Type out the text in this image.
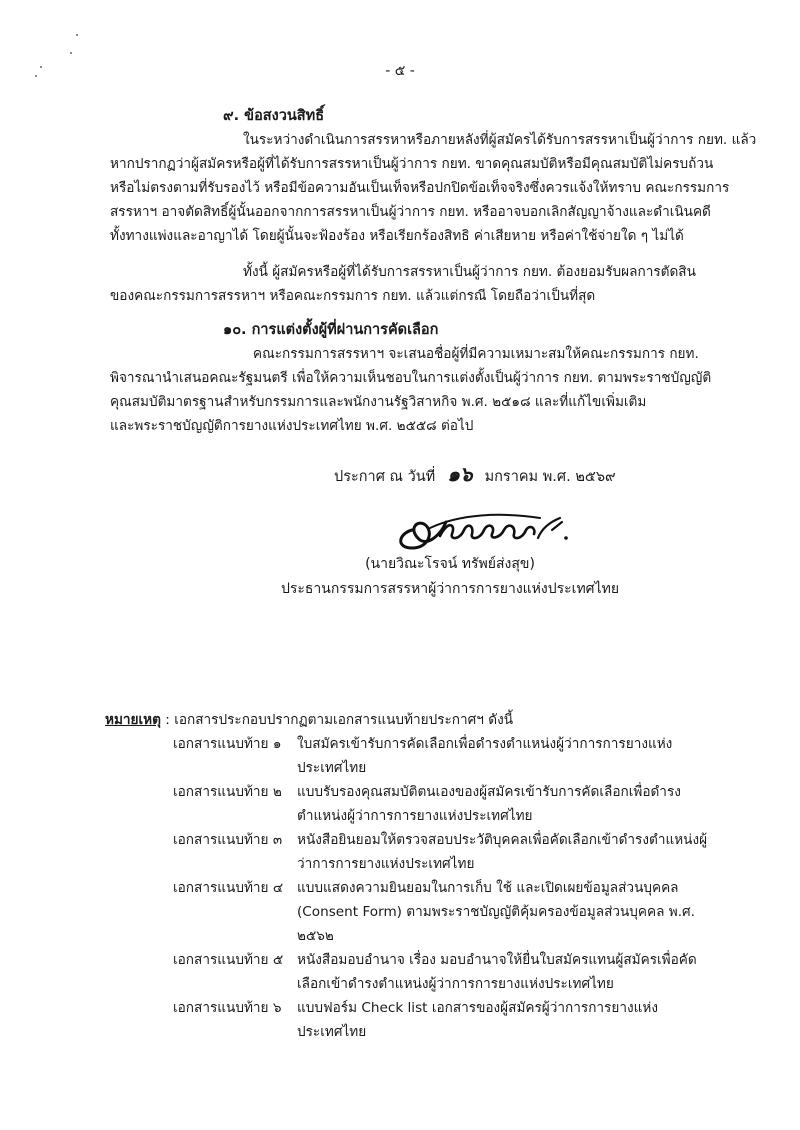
- ๕ -
๙. ข้อสงวนสิทธิ์
ในระหว่างดำเนินการสรรหาหรือภายหลังที่ผู้สมัครได้รับการสรรหาเป็นผู้ว่าการ กยท. แล้ว
หากปรากฏว่าผู้สมัครหรือผู้ที่ได้รับการสรรหาเป็นผู้ว่าการ กยท. ขาดคุณสมบัติหรือมีคุณสมบัติไม่ครบถ้วน
หรือไม่ตรงตามที่รับรองไว้ หรือมีข้อความอันเป็นเท็จหรือปกปิดข้อเท็จจริงซึ่งควรแจ้งให้ทราบ คณะกรรมการ
สรรหาฯ อาจตัดสิทธิ์ผู้นั้นออกจากการสรรหาเป็นผู้ว่าการ กยท. หรืออาจบอกเลิกสัญญาจ้างและดำเนินคดี
ทั้งทางแพ่งและอาญาได้ โดยผู้นั้นจะฟ้องร้อง หรือเรียกร้องสิทธิ ค่าเสียหาย หรือค่าใช้จ่ายใด ๆ ไม่ได้
ทั้งนี้ ผู้สมัครหรือผู้ที่ได้รับการสรรหาเป็นผู้ว่าการ กยท. ต้องยอมรับผลการตัดสิน
ของคณะกรรมการสรรหาฯ หรือคณะกรรมการ กยท. แล้วแต่กรณี โดยถือว่าเป็นที่สุด
๑๐. การแต่งตั้งผู้ที่ผ่านการคัดเลือก
คณะกรรมการสรรหาฯ จะเสนอชื่อผู้ที่มีความเหมาะสมให้คณะกรรมการ กยท.
พิจารณานำเสนอคณะรัฐมนตรี เพื่อให้ความเห็นชอบในการแต่งตั้งเป็นผู้ว่าการ กยท. ตามพระราชบัญญัติ
คุณสมบัติมาตรฐานสำหรับกรรมการและพนักงานรัฐวิสาหกิจ พ.ศ. ๒๕๑๘ และที่แก้ไขเพิ่มเติม
และพระราชบัญญัติการยางแห่งประเทศไทย พ.ศ. ๒๕๕๘ ต่อไป
ประกาศ ณ วันที่ ๑๖ มกราคม พ.ศ. ๒๕๖๙
(นายวิณะโรจน์ ทรัพย์ส่งสุข)
ประธานกรรมการสรรหาผู้ว่าการการยางแห่งประเทศไทย
หมายเหตุ : เอกสารประกอบปรากฏตามเอกสารแนบท้ายประกาศฯ ดังนี้
เอกสารแนบท้าย ๑	ใบสมัครเข้ารับการคัดเลือกเพื่อดำรงตำแหน่งผู้ว่าการการยางแห่งประเทศไทย
เอกสารแนบท้าย ๒	แบบรับรองคุณสมบัติตนเองของผู้สมัครเข้ารับการคัดเลือกเพื่อดำรงตำแหน่งผู้ว่าการการยางแห่งประเทศไทย
เอกสารแนบท้าย ๓	หนังสือยินยอมให้ตรวจสอบประวัติบุคคลเพื่อคัดเลือกเข้าดำรงตำแหน่งผู้ว่าการการยางแห่งประเทศไทย
เอกสารแนบท้าย ๔	แบบแสดงความยินยอมในการเก็บ ใช้ และเปิดเผยข้อมูลส่วนบุคคล (Consent Form) ตามพระราชบัญญัติคุ้มครองข้อมูลส่วนบุคคล พ.ศ. ๒๕๖๒
เอกสารแนบท้าย ๕	หนังสือมอบอำนาจ เรื่อง มอบอำนาจให้ยื่นใบสมัครแทนผู้สมัครเพื่อคัดเลือกเข้าดำรงตำแหน่งผู้ว่าการการยางแห่งประเทศไทย
เอกสารแนบท้าย ๖	แบบฟอร์ม Check list เอกสารของผู้สมัครผู้ว่าการการยางแห่งประเทศไทย
